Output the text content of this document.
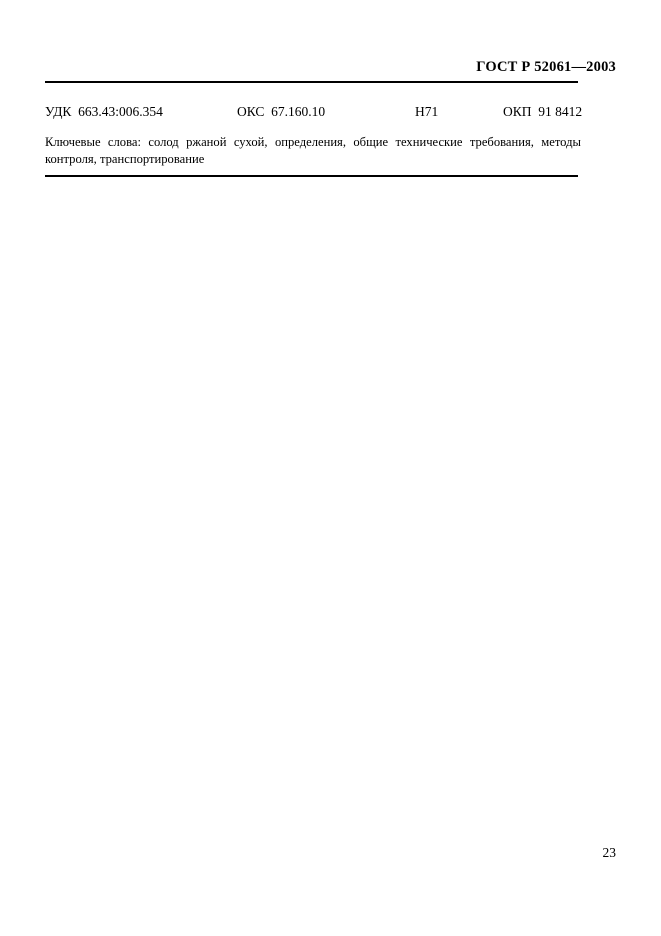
ГОСТ Р 52061—2003
УДК 663.43:006.354	ОКС 67.160.10	Н71	ОКП 91 8412
Ключевые слова: солод ржаной сухой, определения, общие технические требования, методы контроля, транспортирование
23
